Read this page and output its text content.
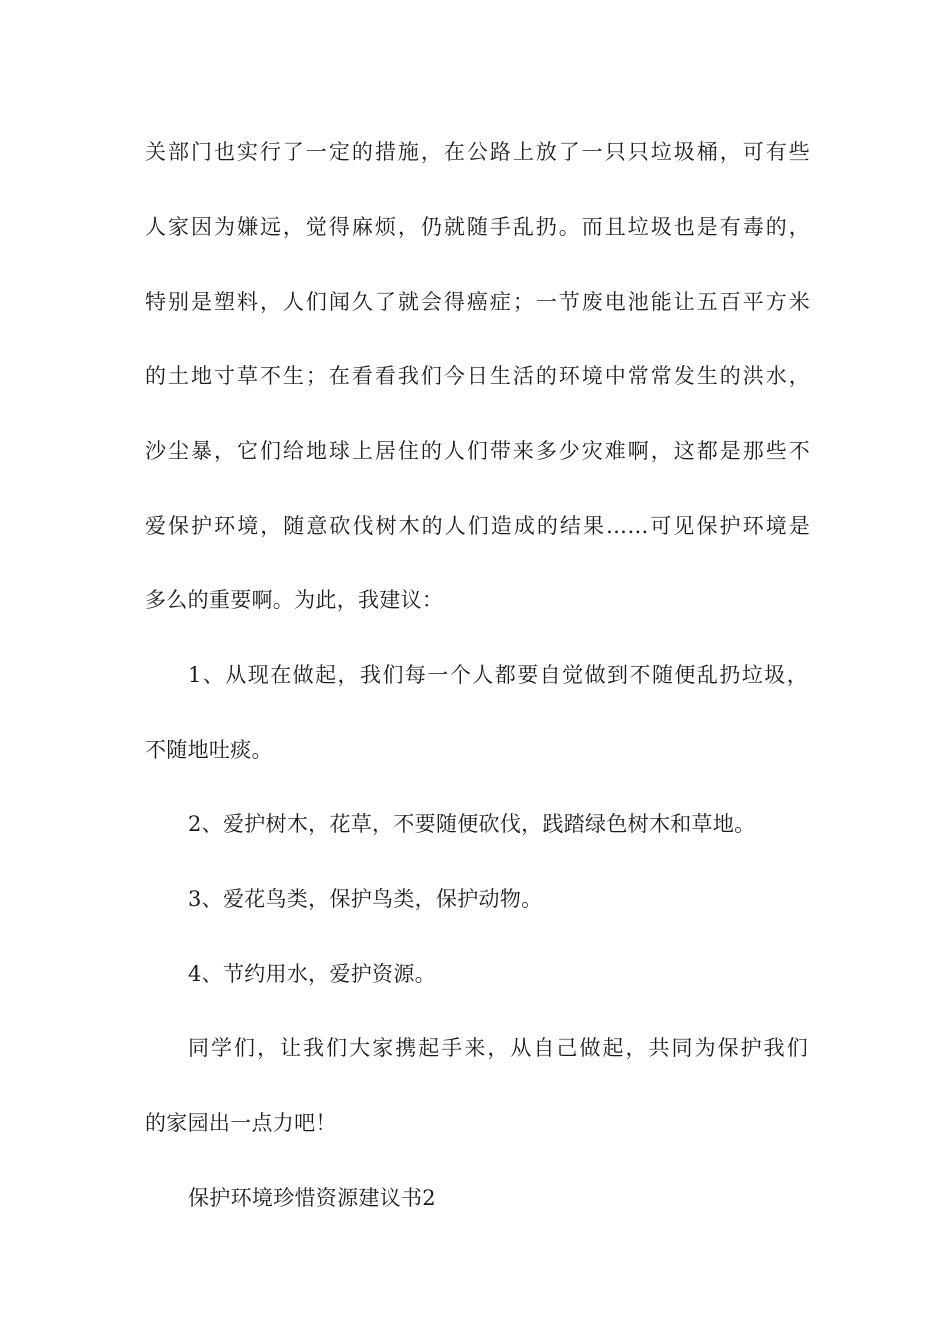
关部门也实行了一定的措施，在公路上放了一只只垃圾桶，可有些
人家因为嫌远，觉得麻烦，仍就随手乱扔。而且垃圾也是有毒的，
特别是塑料，人们闻久了就会得癌症；一节废电池能让五百平方米
的土地寸草不生；在看看我们今日生活的环境中常常发生的洪水，
沙尘暴，它们给地球上居住的人们带来多少灾难啊，这都是那些不
爱保护环境，随意砍伐树木的人们造成的结果……可见保护环境是
多么的重要啊。为此，我建议：
1、从现在做起，我们每一个人都要自觉做到不随便乱扔垃圾，
不随地吐痰。
2、爱护树木，花草，不要随便砍伐，践踏绿色树木和草地。
3、爱花鸟类，保护鸟类，保护动物。
4、节约用水，爱护资源。
同学们，让我们大家携起手来，从自己做起，共同为保护我们
的家园出一点力吧！
保护环境珍惜资源建议书2
